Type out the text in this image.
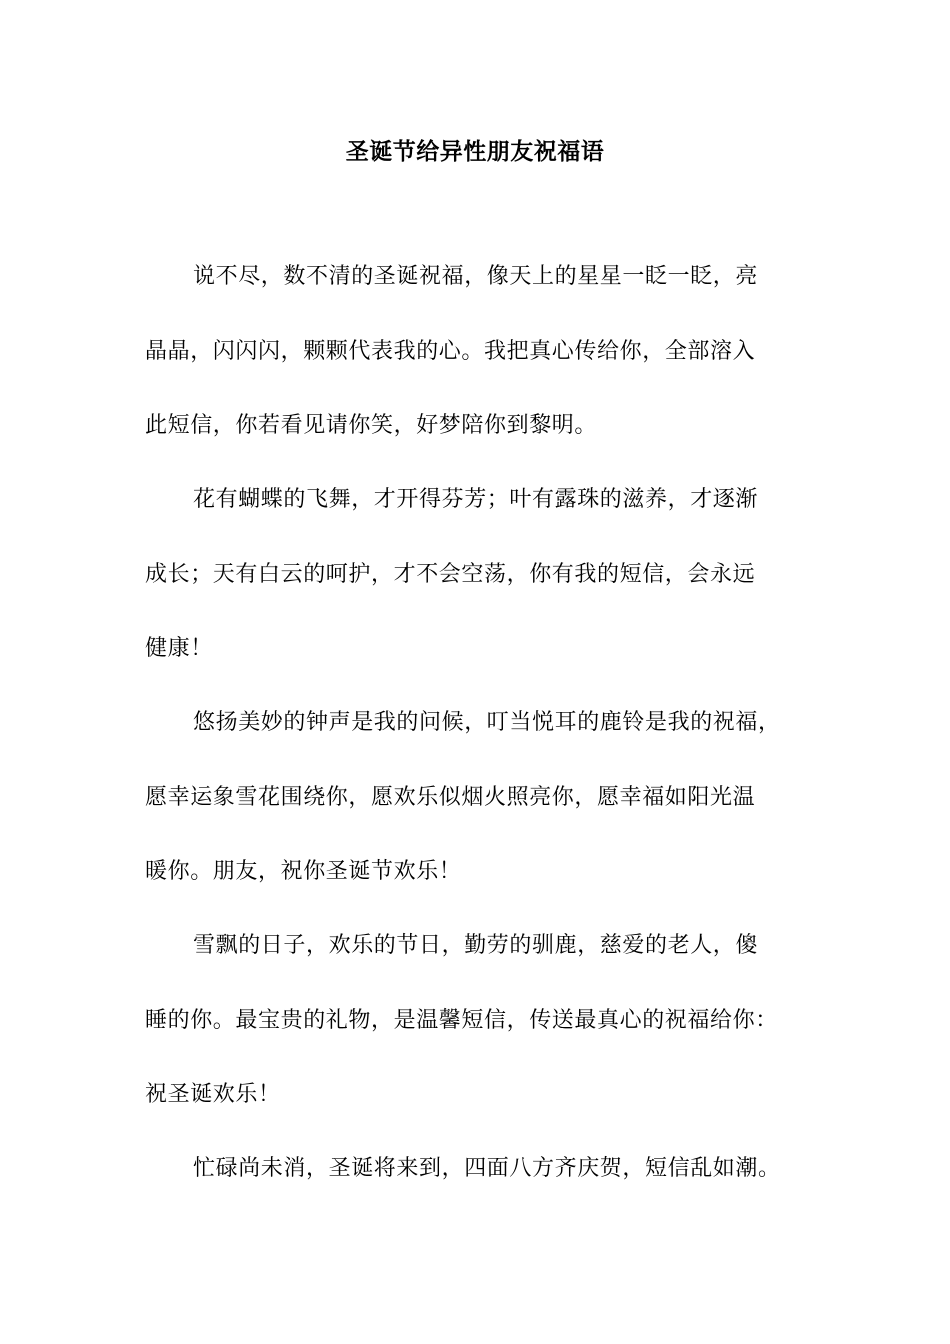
圣诞节给异性朋友祝福语
说不尽，数不清的圣诞祝福，像天上的星星一眨一眨，亮
晶晶，闪闪闪，颗颗代表我的心。我把真心传给你，全部溶入
此短信，你若看见请你笑，好梦陪你到黎明。
花有蝴蝶的飞舞，才开得芬芳；叶有露珠的滋养，才逐渐
成长；天有白云的呵护，才不会空荡，你有我的短信，会永远
健康！
悠扬美妙的钟声是我的问候，叮当悦耳的鹿铃是我的祝福，
愿幸运象雪花围绕你，愿欢乐似烟火照亮你，愿幸福如阳光温
暖你。朋友，祝你圣诞节欢乐！
雪飘的日子，欢乐的节日，勤劳的驯鹿，慈爱的老人，傻
睡的你。最宝贵的礼物，是温馨短信，传送最真心的祝福给你：
祝圣诞欢乐！
忙碌尚未消，圣诞将来到，四面八方齐庆贺，短信乱如潮。
